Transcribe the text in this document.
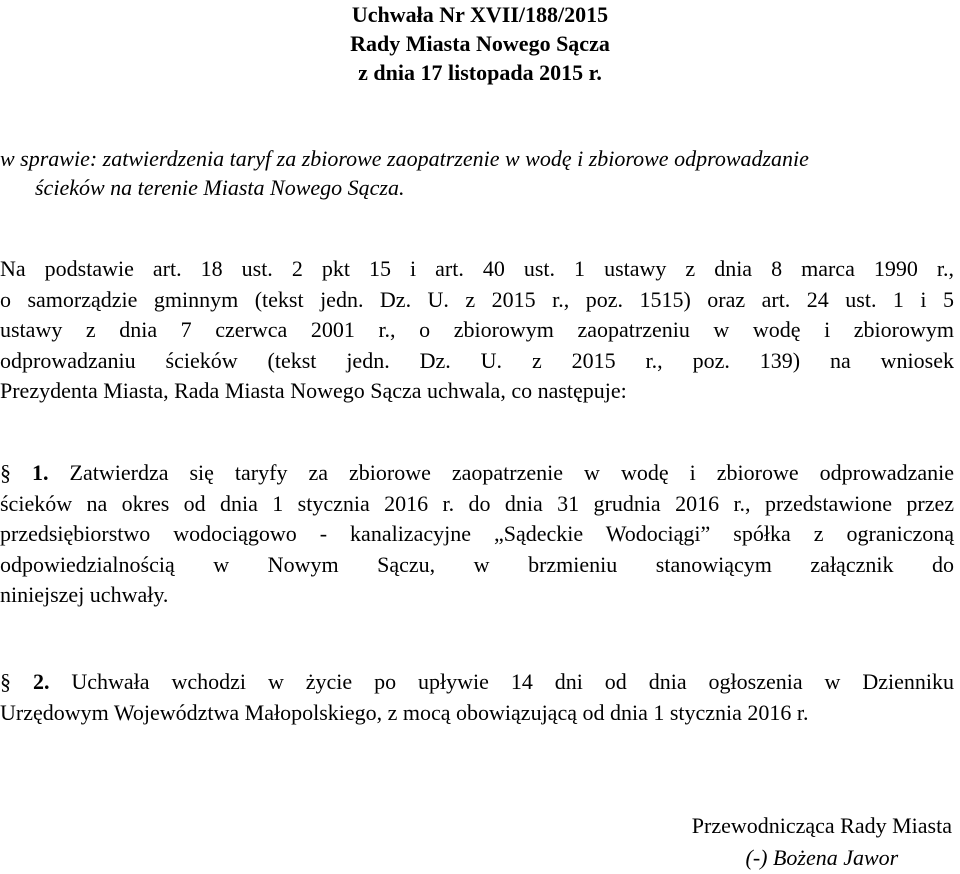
Uchwała Nr XVII/188/2015
Rady Miasta Nowego Sącza
z dnia 17 listopada 2015 r.
w sprawie: zatwierdzenia taryf za zbiorowe zaopatrzenie w wodę i zbiorowe odprowadzanie
ścieków na terenie Miasta Nowego Sącza.
Na podstawie art. 18 ust. 2 pkt 15 i art. 40 ust. 1 ustawy z dnia 8 marca 1990 r.,
o samorządzie gminnym (tekst jedn. Dz. U. z 2015 r., poz. 1515) oraz art. 24 ust. 1 i 5
ustawy z dnia 7 czerwca 2001 r., o zbiorowym zaopatrzeniu w wodę i zbiorowym
odprowadzaniu ścieków (tekst jedn. Dz. U. z 2015 r., poz. 139) na wniosek
Prezydenta Miasta, Rada Miasta Nowego Sącza uchwala, co następuje:
§ 1. Zatwierdza się taryfy za zbiorowe zaopatrzenie w wodę i zbiorowe odprowadzanie
ścieków na okres od dnia 1 stycznia 2016 r. do dnia 31 grudnia 2016 r., przedstawione przez
przedsiębiorstwo wodociągowo - kanalizacyjne „Sądeckie Wodociągi” spółka z ograniczoną
odpowiedzialnością w Nowym Sączu, w brzmieniu stanowiącym załącznik do
niniejszej uchwały.
§ 2. Uchwała wchodzi w życie po upływie 14 dni od dnia ogłoszenia w Dzienniku
Urzędowym Województwa Małopolskiego, z mocą obowiązującą od dnia 1 stycznia 2016 r.
Przewodnicząca Rady Miasta
(-) Bożena Jawor
